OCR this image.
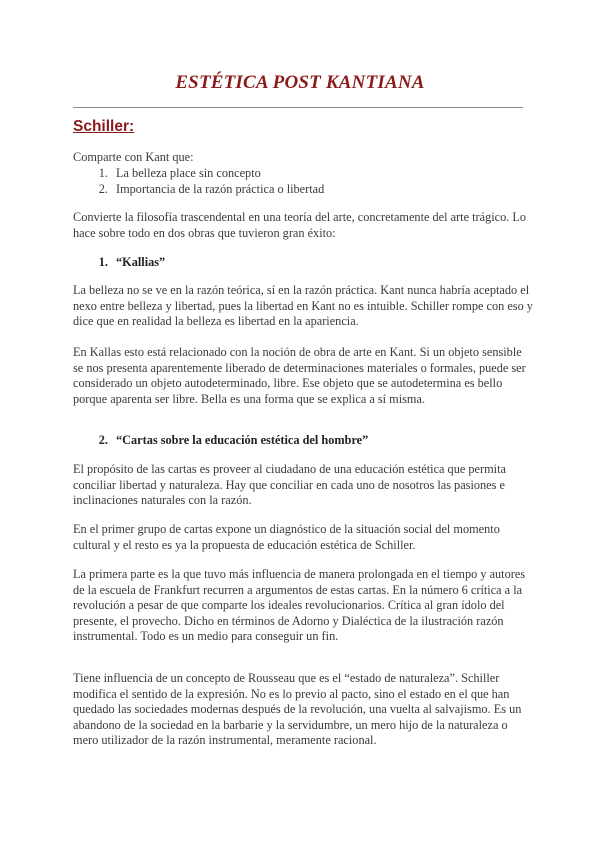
ESTÉTICA POST KANTIANA
Schiller:

Comparte con Kant que:

1. La belleza place sin concepto
2. Importancia de la razón práctica o libertad

Convierte la filosofía trascendental en una teoría del arte, concretamente del arte trágico. Lo hace sobre todo en dos obras que tuvieron gran éxito:

1. “Kallias”

La belleza no se ve en la razón teórica, sí en la razón práctica. Kant nunca habría aceptado el nexo entre belleza y libertad, pues la libertad en Kant no es intuible. Schiller rompe con eso y dice que en realidad la belleza es libertad en la apariencia.

En Kallas esto está relacionado con la noción de obra de arte en Kant. Si un objeto sensible se nos presenta aparentemente liberado de determinaciones materiales o formales, puede ser considerado un objeto autodeterminado, libre. Ese objeto que se autodetermina es bello porque aparenta ser libre. Bella es una forma que se explica a sí misma.

2. “Cartas sobre la educación estética del hombre”

El propósito de las cartas es proveer al ciudadano de una educación estética que permita conciliar libertad y naturaleza. Hay que conciliar en cada uno de nosotros las pasiones e inclinaciones naturales con la razón.

En el primer grupo de cartas expone un diagnóstico de la situación social del momento cultural y el resto es ya la propuesta de educación estética de Schiller.

La primera parte es la que tuvo más influencia de manera prolongada en el tiempo y autores de la escuela de Frankfurt recurren a argumentos de estas cartas. En la número 6 crítica a la revolución a pesar de que comparte los ideales revolucionarios. Crítica al gran ídolo del presente, el provecho. Dicho en términos de Adorno y Dialéctica de la ilustración razón instrumental. Todo es un medio para conseguir un fin.

Tiene influencia de un concepto de Rousseau que es el “estado de naturaleza”. Schiller modifica el sentido de la expresión. No es lo previo al pacto, sino el estado en el que han quedado las sociedades modernas después de la revolución, una vuelta al salvajismo. Es un abandono de la sociedad en la barbarie y la servidumbre, un mero hijo de la naturaleza o mero utilizador de la razón instrumental, meramente racional.
